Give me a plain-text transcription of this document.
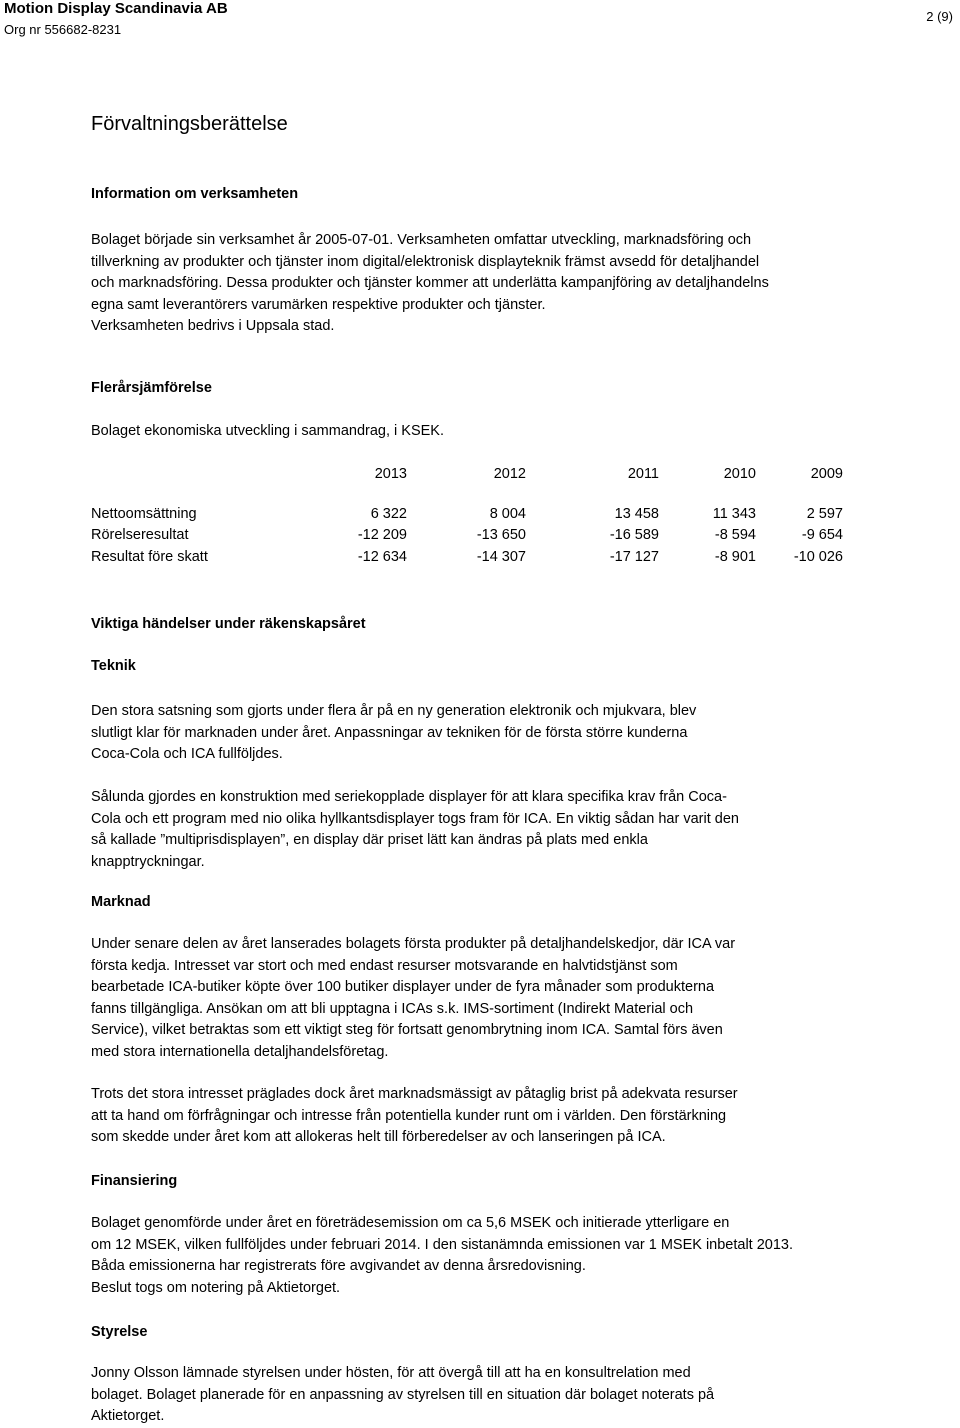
Motion Display Scandinavia AB
Org nr 556682-8231
2 (9)
Förvaltningsberättelse
Information om verksamheten
Bolaget började sin verksamhet år 2005-07-01. Verksamheten omfattar utveckling, marknadsföring och
tillverkning av produkter och tjänster inom digital/elektronisk displayteknik främst avsedd för detaljhandel
och marknadsföring. Dessa produkter och tjänster kommer att underlätta kampanjföring av detaljhandelns
egna samt leverantörers varumärken respektive produkter och tjänster.
Verksamheten bedrivs i Uppsala stad.
Flerårsjämförelse
Bolaget ekonomiska utveckling i sammandrag, i KSEK.
	2013	2012	2011	2010	2009

Nettoomsättning	6 322	8 004	13 458	11 343	2 597
Rörelseresultat	-12 209	-13 650	-16 589	-8 594	-9 654
Resultat före skatt	-12 634	-14 307	-17 127	-8 901	-10 026
Viktiga händelser under räkenskapsåret
Teknik
Den stora satsning som gjorts under flera år på en ny generation elektronik och mjukvara, blev
slutligt klar för marknaden under året. Anpassningar av tekniken för de första större kunderna
Coca-Cola och ICA fullföljdes.
Sålunda gjordes en konstruktion med seriekopplade displayer för att klara specifika krav från Coca-
Cola och ett program med nio olika hyllkantsdisplayer togs fram för ICA. En viktig sådan har varit den
så kallade ”multiprisdisplayen”, en display där priset lätt kan ändras på plats med enkla
knapptryckningar.
Marknad
Under senare delen av året lanserades bolagets första produkter på detaljhandelskedjor, där ICA var
första kedja. Intresset var stort och med endast resurser motsvarande en halvtidstjänst som
bearbetade ICA-butiker köpte över 100 butiker displayer under de fyra månader som produkterna
fanns tillgängliga. Ansökan om att bli upptagna i ICAs s.k. IMS-sortiment (Indirekt Material och
Service), vilket betraktas som ett viktigt steg för fortsatt genombrytning inom ICA. Samtal förs även
med stora internationella detaljhandelsföretag.
Trots det stora intresset präglades dock året marknadsmässigt av påtaglig brist på adekvata resurser
att ta hand om förfrågningar och intresse från potentiella kunder runt om i världen. Den förstärkning
som skedde under året kom att allokeras helt till förberedelser av och lanseringen på ICA.
Finansiering
Bolaget genomförde under året en företrädesemission om ca 5,6 MSEK och initierade ytterligare en
om 12 MSEK, vilken fullföljdes under februari 2014. I den sistanämnda emissionen var 1 MSEK inbetalt 2013.
Båda emissionerna har registrerats före avgivandet av denna årsredovisning.
Beslut togs om notering på Aktietorget.
Styrelse
Jonny Olsson lämnade styrelsen under hösten, för att övergå till att ha en konsultrelation med
bolaget. Bolaget planerade för en anpassning av styrelsen till en situation där bolaget noterats på
Aktietorget.
